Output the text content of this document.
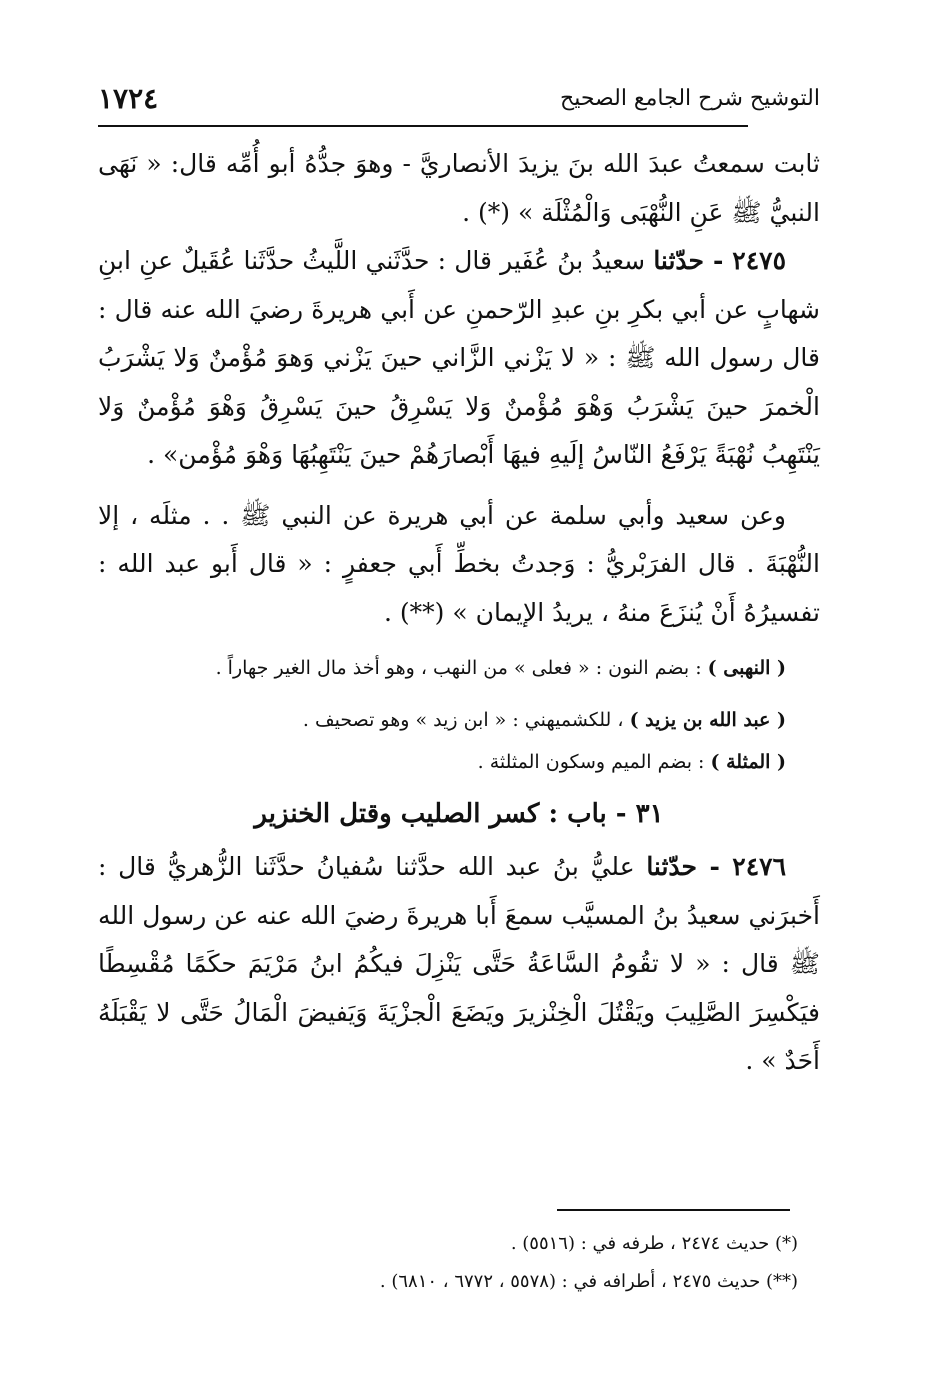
التوشيح شرح الجامع الصحيح
١٧٢٤

ثابت سمعتُ عبدَ الله بنَ يزيدَ الأنصاريَّ - وهوَ جدُّهُ أبو أُمِّه قال: « نَهَى النبيُّ ﷺ عَنِ النُّهْبَى وَالْمُثْلَة » (*) .

٢٤٧٥ - حدّثنا سعيدُ بنُ عُفَير قال : حدَّثَني اللَّيثُ حدَّثَنا عُقَيلٌ عنِ ابنِ شهابٍ عن أبي بكرِ بنِ عبدِ الرّحمنِ عن أَبي هريرةَ رضيَ الله عنه قال : قال رسول الله ﷺ : « لا يَزْني الزَّاني حينَ يَزْني وَهوَ مُؤْمنٌ وَلا يَشْرَبُ الْخمرَ حينَ يَشْرَبُ وَهْوَ مُؤْمنٌ وَلا يَسْرِقُ حينَ يَسْرِقُ وَهْوَ مُؤْمنٌ وَلا يَنْتَهِبُ نُهْبَةً يَرْفَعُ النّاسُ إلَيهِ فيهَا أَبْصارَهُمْ حينَ يَنْتَهِبُهَا وَهْوَ مُؤْمن» .

وعن سعيد وأبي سلمة عن أبي هريرة عن النبي ﷺ . . مثلَه ، إلا النُّهْبَةَ . قال الفرَبْريُّ : وَجدتُ بخطِّ أَبي جعفرٍ : « قال أَبو عبد الله : تفسيرُهُ أَنْ يُنزَعَ منهُ ، يريدُ الإيمان » (**) .

( النهبى ) : بضم النون : « فعلى » من النهب ، وهو أخذ مال الغير جهاراً .

( عبد الله بن يزيد ) ، للكشميهني : « ابن زيد » وهو تصحيف .

( المثلة ) : بضم الميم وسكون المثلثة .

٣١ - باب : كسر الصليب وقتل الخنزير

٢٤٧٦ - حدّثنا عليُّ بنُ عبد الله حدَّثنا سُفيانُ حدَّثَنا الزُّهريُّ قال : أَخبرَني سعيدُ بنُ المسيَّب سمعَ أَبا هريرةَ رضيَ الله عنه عن رسول الله ﷺ قال : « لا تقُومُ السَّاعَةُ حَتَّى يَنْزِلَ فيكُمُ ابنُ مَرْيَمَ حكَمًا مُقْسِطًا فيَكْسِرَ الصَّلِيبَ ويَقْتُلَ الْخِنْزيرَ ويَضَعَ الْجزْيَةَ وَيَفيضَ الْمَالُ حَتَّى لا يَقْبَلَهُ أَحَدٌ » .

(*) حديث ٢٤٧٤ ، طرفه في : (٥٥١٦) .

(**) حديث ٢٤٧٥ ، أطرافه في : (٥٥٧٨ ، ٦٧٧٢ ، ٦٨١٠) .
